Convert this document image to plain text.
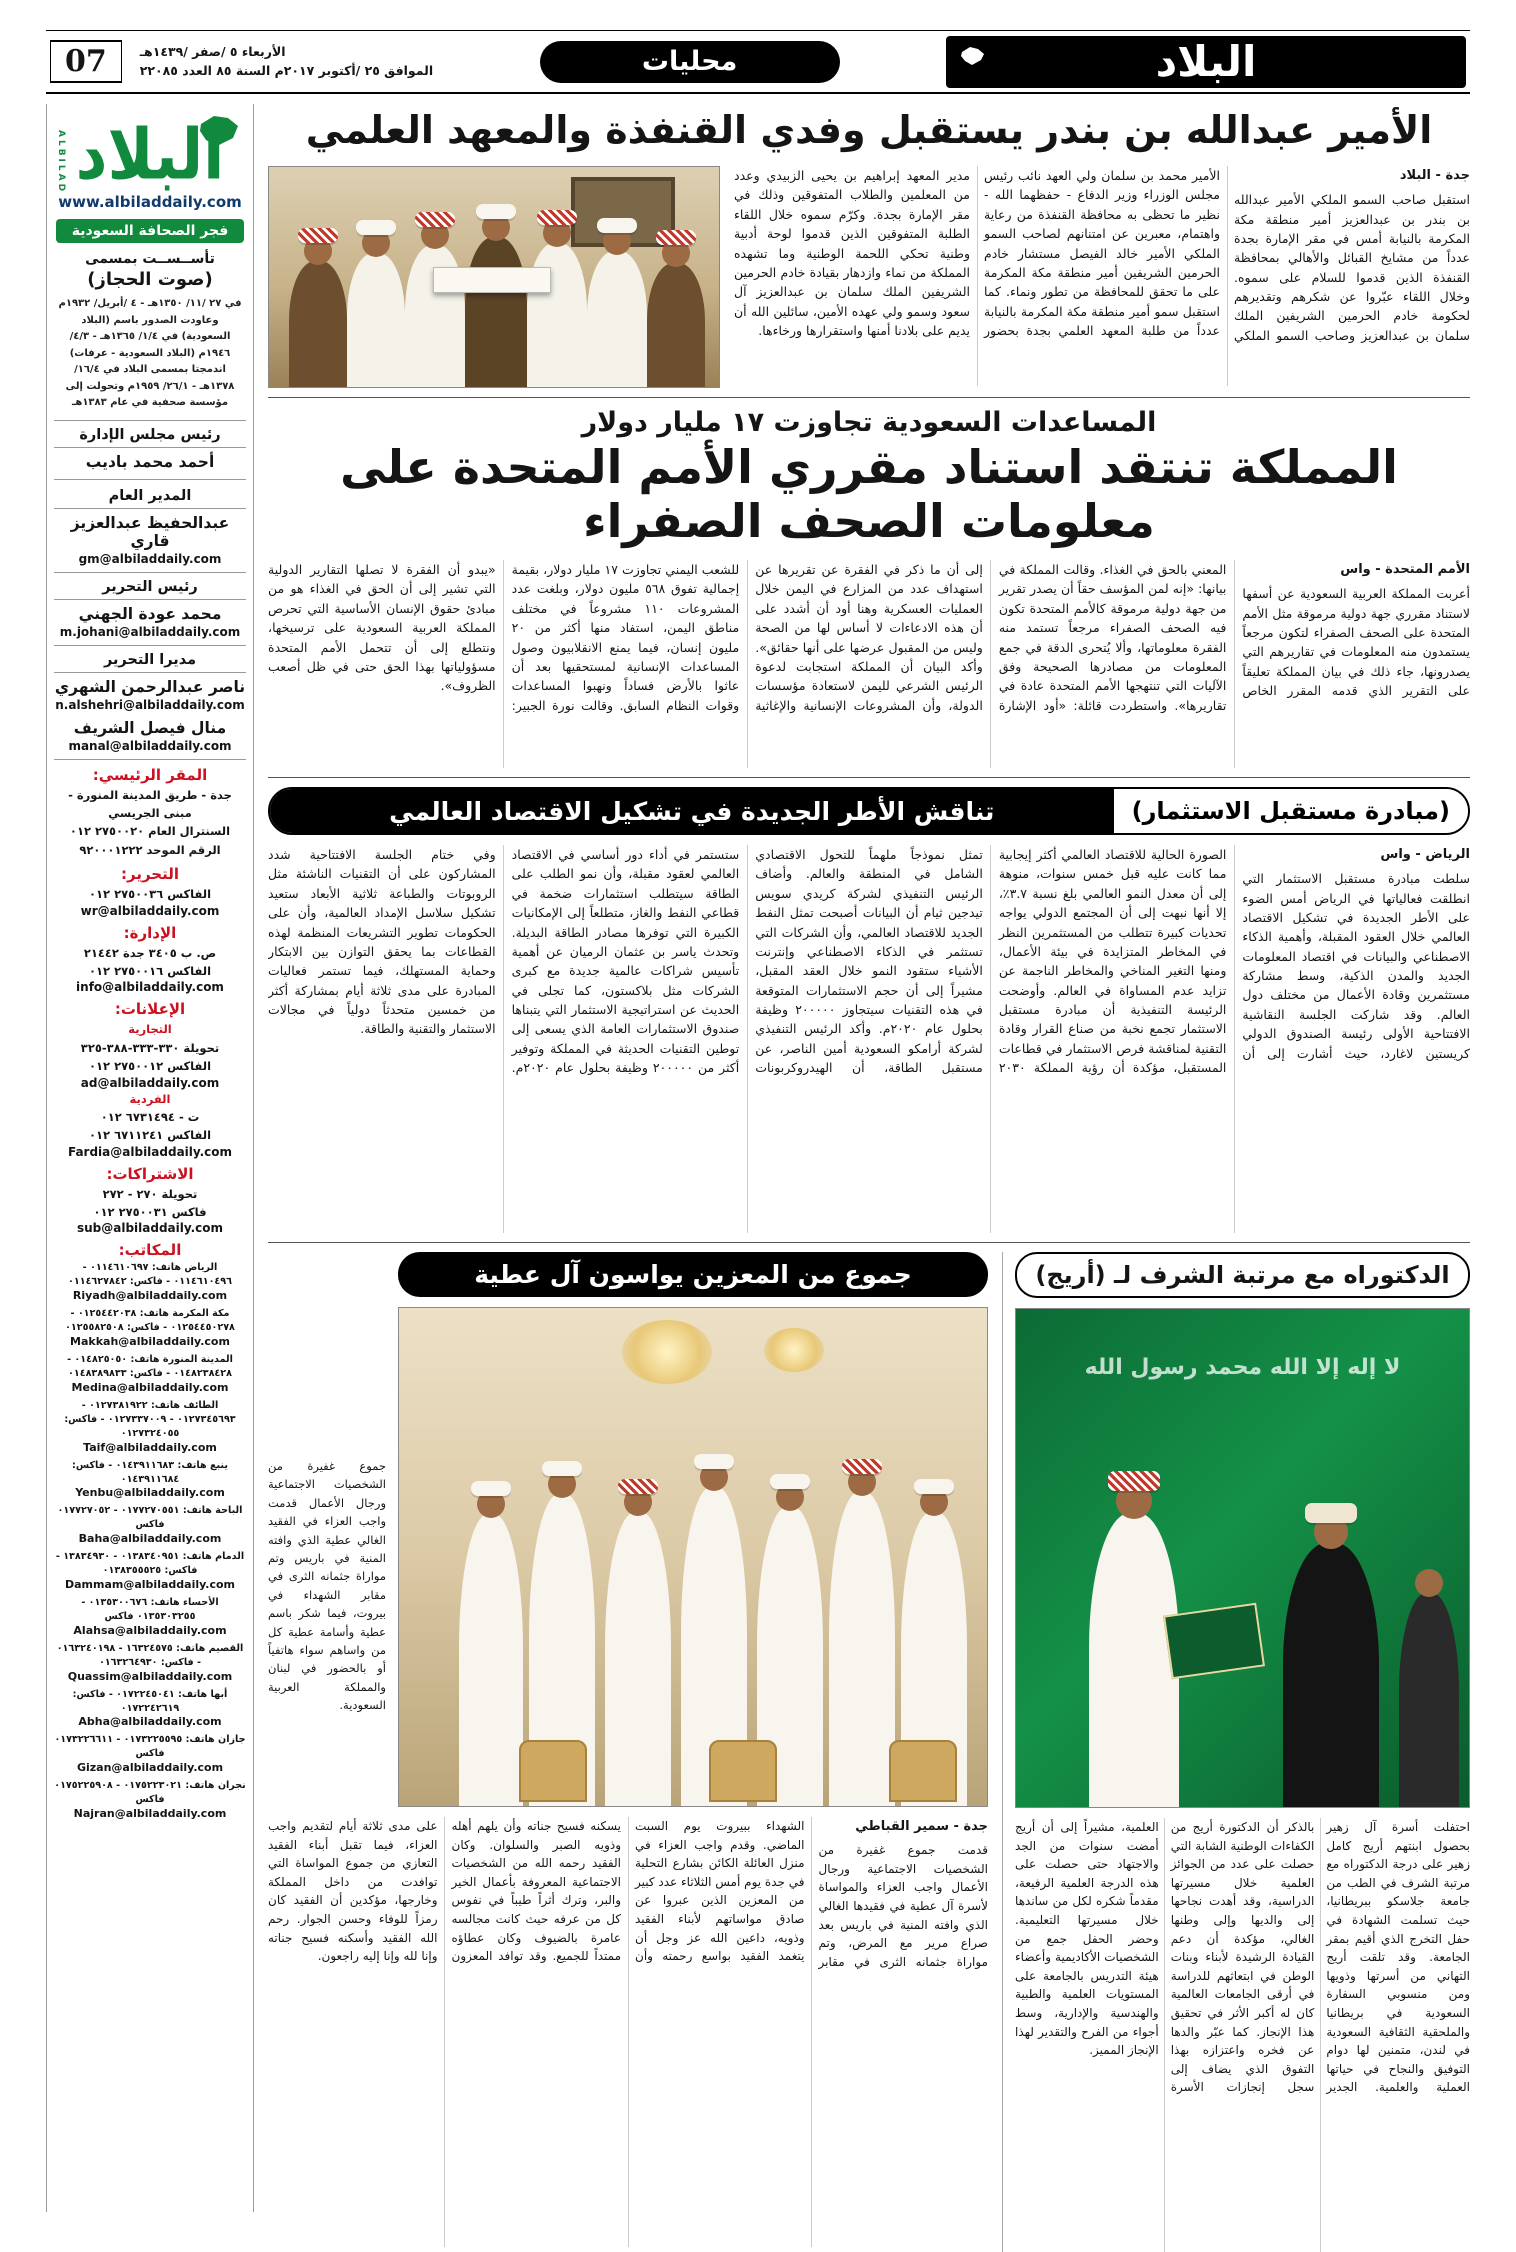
البلاد
محليات
الأربعاء ٥ /صفر /١٤٣٩هـ
الموافق ٢٥ /أكتوبر ٢٠١٧م السنة ٨٥ العدد ٢٢٠٨٥
07
الأمير عبدالله بن بندر يستقبل وفدي القنفذة والمعهد العلمي
جدة - البلاد
استقبل صاحب السمو الملكي الأمير عبدالله بن بندر بن عبدالعزيز أمير منطقة مكة المكرمة بالنيابة أمس في مقر الإمارة بجدة عدداً من مشايخ القبائل والأهالي بمحافظة القنفذة الذين قدموا للسلام على سموه. وخلال اللقاء عبّروا عن شكرهم وتقديرهم لحكومة خادم الحرمين الشريفين الملك سلمان بن عبدالعزيز وصاحب السمو الملكي الأمير محمد بن سلمان ولي العهد نائب رئيس مجلس الوزراء وزير الدفاع - حفظهما الله - نظير ما تحظى به محافظة القنفذة من رعاية واهتمام، معبرين عن امتنانهم لصاحب السمو الملكي الأمير خالد الفيصل مستشار خادم الحرمين الشريفين أمير منطقة مكة المكرمة على ما تحقق للمحافظة من تطور ونماء. كما استقبل سمو أمير منطقة مكة المكرمة بالنيابة عدداً من طلبة المعهد العلمي بجدة بحضور مدير المعهد إبراهيم بن يحيى الزبيدي وعدد من المعلمين والطلاب المتفوقين وذلك في مقر الإمارة بجدة. وكرّم سموه خلال اللقاء الطلبة المتفوقين الذين قدموا لوحة أدبية وطنية تحكي اللحمة الوطنية وما تشهده المملكة من نماء وازدهار بقيادة خادم الحرمين الشريفين الملك سلمان بن عبدالعزيز آل سعود وسمو ولي عهده الأمين، سائلين الله أن يديم على بلادنا أمنها واستقرارها ورخاءها.
المساعدات السعودية تجاوزت ١٧ مليار دولار
المملكة تنتقد استناد مقرري الأمم المتحدة على معلومات الصحف الصفراء
الأمم المتحدة - واس
أعربت المملكة العربية السعودية عن أسفها لاستناد مقرري جهة دولية مرموقة مثل الأمم المتحدة على الصحف الصفراء لتكون مرجعاً يستمدون منه المعلومات في تقاريرهم التي يصدرونها، جاء ذلك في بيان المملكة تعليقاً على التقرير الذي قدمه المقرر الخاص المعني بالحق في الغذاء. وقالت المملكة في بيانها: «إنه لمن المؤسف حقاً أن يصدر تقرير من جهة دولية مرموقة كالأمم المتحدة تكون فيه الصحف الصفراء مرجعاً تستمد منه الفقرة معلوماتها، وألا يُتحرى الدقة في جمع المعلومات من مصادرها الصحيحة وفق الآليات التي تنتهجها الأمم المتحدة عادة في تقاريرها». واستطردت قائلة: «أود الإشارة إلى أن ما ذكر في الفقرة عن تقريرها عن استهداف عدد من المزارع في اليمن خلال العمليات العسكرية وهنا أود أن أشدد على أن هذه الادعاءات لا أساس لها من الصحة وليس من المقبول عرضها على أنها حقائق». وأكد البيان أن المملكة استجابت لدعوة الرئيس الشرعي لليمن لاستعادة مؤسسات الدولة، وأن المشروعات الإنسانية والإغاثية للشعب اليمني تجاوزت ١٧ مليار دولار، بقيمة إجمالية تفوق ٥٦٨ مليون دولار، وبلغت عدد المشروعات ١١٠ مشروعاً في مختلف مناطق اليمن، استفاد منها أكثر من ٢٠ مليون إنسان، فيما يمنع الانقلابيون وصول المساعدات الإنسانية لمستحقيها بعد أن عاثوا بالأرض فساداً ونهبوا المساعدات وقوات النظام السابق. وقالت نورة الجبير: «يبدو أن الفقرة لا تصلها التقارير الدولية التي تشير إلى أن الحق في الغذاء هو من مبادئ حقوق الإنسان الأساسية التي تحرص المملكة العربية السعودية على ترسيخها، ونتطلع إلى أن تتحمل الأمم المتحدة مسؤولياتها بهذا الحق حتى في ظل أصعب الظروف».
(مبادرة مستقبل الاستثمار)
تناقش الأطر الجديدة في تشكيل الاقتصاد العالمي
الرياض - واس
سلطت مبادرة مستقبل الاستثمار التي انطلقت فعالياتها في الرياض أمس الضوء على الأطر الجديدة في تشكيل الاقتصاد العالمي خلال العقود المقبلة، وأهمية الذكاء الاصطناعي والبيانات في اقتصاد المعلومات الجديد والمدن الذكية، وسط مشاركة مستثمرين وقادة الأعمال من مختلف دول العالم. وقد شاركت الجلسة النقاشية الافتتاحية الأولى رئيسة الصندوق الدولي كريستين لاغارد، حيث أشارت إلى أن الصورة الحالية للاقتصاد العالمي أكثر إيجابية مما كانت عليه قبل خمس سنوات، منوهة إلى أن معدل النمو العالمي بلغ نسبة ٣.٧٪، إلا أنها نبهت إلى أن المجتمع الدولي يواجه تحديات كبيرة تتطلب من المستثمرين النظر في المخاطر المتزايدة في بيئة الأعمال، ومنها التغير المناخي والمخاطر الناجمة عن تزايد عدم المساواة في العالم. وأوضحت الرئيسة التنفيذية أن مبادرة مستقبل الاستثمار تجمع نخبة من صناع القرار وقادة التقنية لمناقشة فرص الاستثمار في قطاعات المستقبل، مؤكدة أن رؤية المملكة ٢٠٣٠ تمثل نموذجاً ملهماً للتحول الاقتصادي الشامل في المنطقة والعالم. وأضاف الرئيس التنفيذي لشركة كريدي سويس تيدجين ثيام أن البيانات أصبحت تمثل النفط الجديد للاقتصاد العالمي، وأن الشركات التي تستثمر في الذكاء الاصطناعي وإنترنت الأشياء ستقود النمو خلال العقد المقبل، مشيراً إلى أن حجم الاستثمارات المتوقعة في هذه التقنيات سيتجاوز ٢٠٠٠٠٠ وظيفة بحلول عام ٢٠٢٠م. وأكد الرئيس التنفيذي لشركة أرامكو السعودية أمين الناصر، عن مستقبل الطاقة، أن الهيدروكربونات ستستمر في أداء دور أساسي في الاقتصاد العالمي لعقود مقبلة، وأن نمو الطلب على الطاقة سيتطلب استثمارات ضخمة في قطاعي النفط والغاز، متطلعاً إلى الإمكانيات الكبيرة التي توفرها مصادر الطاقة البديلة. وتحدث ياسر بن عثمان الرميان عن أهمية تأسيس شراكات عالمية جديدة مع كبرى الشركات مثل بلاكستون، كما تجلى في الحديث عن استراتيجية الاستثمار التي يتبناها صندوق الاستثمارات العامة الذي يسعى إلى توطين التقنيات الحديثة في المملكة وتوفير أكثر من ٢٠٠٠٠٠ وظيفة بحلول عام ٢٠٢٠م. وفي ختام الجلسة الافتتاحية شدد المشاركون على أن التقنيات الناشئة مثل الروبوتات والطباعة ثلاثية الأبعاد ستعيد تشكيل سلاسل الإمداد العالمية، وأن على الحكومات تطوير التشريعات المنظمة لهذه القطاعات بما يحقق التوازن بين الابتكار وحماية المستهلك، فيما تستمر فعاليات المبادرة على مدى ثلاثة أيام بمشاركة أكثر من خمسين متحدثاً دولياً في مجالات الاستثمار والتقنية والطاقة.
الدكتوراه مع مرتبة الشرف لـ (أريج)
لا إله إلا الله محمد رسول الله
احتفلت أسرة آل زهير بحصول ابنتهم أريج كامل زهير على درجة الدكتوراه مع مرتبة الشرف في الطب من جامعة جلاسكو ببريطانيا، حيث تسلمت الشهادة في حفل التخرج الذي أقيم بمقر الجامعة. وقد تلقت أريج التهاني من أسرتها وذويها ومن منسوبي السفارة السعودية في بريطانيا والملحقية الثقافية السعودية في لندن، متمنين لها دوام التوفيق والنجاح في حياتها العملية والعلمية. الجدير بالذكر أن الدكتورة أريج من الكفاءات الوطنية الشابة التي حصلت على عدد من الجوائز العلمية خلال مسيرتها الدراسية، وقد أهدت نجاحها إلى والديها وإلى وطنها الغالي، مؤكدة أن دعم القيادة الرشيدة لأبناء وبنات الوطن في ابتعاثهم للدراسة في أرقى الجامعات العالمية كان له أكبر الأثر في تحقيق هذا الإنجاز. كما عبّر والدها عن فخره واعتزازه بهذا التفوق الذي يضاف إلى سجل إنجازات الأسرة العلمية، مشيراً إلى أن أريج أمضت سنوات من الجد والاجتهاد حتى حصلت على هذه الدرجة العلمية الرفيعة، مقدماً شكره لكل من ساندها خلال مسيرتها التعليمية. وحضر الحفل جمع من الشخصيات الأكاديمية وأعضاء هيئة التدريس بالجامعة على المستويات العلمية والطبية والهندسية والإدارية، وسط أجواء من الفرح والتقدير لهذا الإنجاز المميز.
جموع من المعزين يواسون آل عطية
جموع غفيرة من الشخصيات الاجتماعية ورجال الأعمال قدمت واجب العزاء في الفقيد الغالي عطية الذي وافته المنية في باريس وتم مواراة جثمانه الثرى في مقابر الشهداء في بيروت، فيما شكر باسم عطية وأسامة عطية كل من واساهم سواء هاتفياً أو بالحضور في لبنان والمملكة العربية السعودية.
جدة - سمير القباطي
قدمت جموع غفيرة من الشخصيات الاجتماعية ورجال الأعمال واجب العزاء والمواساة لأسرة آل عطية في فقيدها الغالي الذي وافته المنية في باريس بعد صراع مرير مع المرض، وتم مواراة جثمانه الثرى في مقابر الشهداء ببيروت يوم السبت الماضي. وقدم واجب العزاء في منزل العائلة الكائن بشارع التحلية في جدة يوم أمس الثلاثاء عدد كبير من المعزين الذين عبروا عن صادق مواساتهم لأبناء الفقيد وذويه، داعين الله عز وجل أن يتغمد الفقيد بواسع رحمته وأن يسكنه فسيح جناته وأن يلهم أهله وذويه الصبر والسلوان. وكان الفقيد رحمه الله من الشخصيات الاجتماعية المعروفة بأعمال الخير والبر، وترك أثراً طيباً في نفوس كل من عرفه حيث كانت مجالسه عامرة بالضيوف وكان عطاؤه ممتداً للجميع. وقد توافد المعزون على مدى ثلاثة أيام لتقديم واجب العزاء، فيما تقبل أبناء الفقيد التعازي من جموع المواساة التي توافدت من داخل المملكة وخارجها، مؤكدين أن الفقيد كان رمزاً للوفاء وحسن الجوار. رحم الله الفقيد وأسكنه فسيح جناته وإنا لله وإنا إليه راجعون.
ALBILAD البلاد
www.albiladdaily.com
فجر الصحافة السعودية
تأســســت بمسمى
(صوت الحجاز)
في ٢٧ /١١/ ١٣٥٠هـ - ٤ /أبريل/ ١٩٣٢م وعاودت الصدور باسم (البلاد السعودية) في ١/٤/ ١٣٦٥هـ - ٤/٣/ ١٩٤٦م (البلاد السعودية - عرفات) اندمجتا بمسمى البلاد في ١٦/٤/ ١٣٧٨هـ - ٢٦/١/ ١٩٥٩م وتحولت إلى مؤسسة صحفية في عام ١٣٨٣هـ
رئيس مجلس الإدارة
أحمد محمد باديب
المدير العام
عبدالحفيظ عبدالعزيز قاري
gm@albiladdaily.com
رئيس التحرير
محمد عودة الجهني
m.johani@albiladdaily.com
مديرا التحرير
ناصر عبدالرحمن الشهري
n.alshehri@albiladdaily.com
منال فيصل الشريف
manal@albiladdaily.com
المقر الرئيسي:
جدة - طريق المدينة المنورة - مبنى الجريسي
السنترال العام ٢٧٥٠٠٢٠ ٠١٢
الرقم الموحد ٩٢٠٠٠١٢٢٢
التحرير:
الفاكس ٢٧٥٠٠٣٦ ٠١٢
wr@albiladdaily.com
الإدارة:
ص. ب ٣٤٠٥ جدة ٢١٤٤٢
الفاكس ٢٧٥٠٠١٦ ٠١٢
info@albiladdaily.com
الإعلانات:
التجارية
تحويلة ٣٣٠-٣٣٣-٣٨٨-٣٢٥
الفاكس ٢٧٥٠٠١٢ ٠١٢
ad@albiladdaily.com
الفردية
ت - ٦٧٣١٤٩٤ ٠١٢
الفاكس ٦٧١١٢٤١ ٠١٢
Fardia@albiladdaily.com
الاشتراكات:
تحويلة ٢٧٠ - ٢٧٢
فاكس ٢٧٥٠٠٣١ ٠١٢
sub@albiladdaily.com
المكاتب:
الرياض هاتف: ٠١١٤٦١٠٦٩٧ - ٠١١٤٦١٠٤٩٦ - فاكس: ٠١١٤٦٢٧٨٤٢
Riyadh@albiladdaily.com
مكة المكرمة هاتف: ٠١٢٥٤٤٢٠٣٨ - ٠١٢٥٤٤٥٠٢٧٨ - فاكس: ٠١٢٥٥٨٢٥٠٨
Makkah@albiladdaily.com
المدينة المنورة هاتف: ٠١٤٨٢٥٠٥٠ - ٠١٤٨٢٣٨٤٢٨ - فاكس: ٠١٤٨٣٨٩٨٣٣
Medina@albiladdaily.com
الطائف هاتف: ٠١٢٧٣٨١٩٢٢ - ٠١٢٧٣٤٥٦٩٣ - ٠١٢٧٣٣٧٠٠٩ - فاكس: ٠١٢٧٣٢٤٠٥٥
Taif@albiladdaily.com
ينبع هاتف: ٠١٤٣٩١١٦٨٣ - فاكس: ٠١٤٣٩١١٦٨٤
Yenbu@albiladdaily.com
الباحة هاتف: ٠١٧٧٢٧٠٥٥١ - ٠١٧٧٢٧٠٥٢ فاكس
Baha@albiladdaily.com
الدمام هاتف: ٠١٣٨٣٤٠٩٥١ - ١٣٨٣٤٩٣٠ - فاكس: ٠١٣٨٣٥٥٥٢٥
Dammam@albiladdaily.com
الأحساء هاتف: ٠١٣٥٣٠٠٦٧٦ - ٠١٣٥٣٠٣٢٥٥ فاكس
Alahsa@albiladdaily.com
القصيم هاتف: ١٦٣٢٤٥٧٥ - ٠١٦٣٢٤٠١٩٨ - فاكس: ٠١٦٣٢٦٤٩٣٠
Quassim@albiladdaily.com
أبها هاتف: ٠١٧٢٢٤٥٠٤١ - فاكس: ٠١٧٢٢٤٢٦١٩
Abha@albiladdaily.com
جازان هاتف: ٠١٧٣٢٢٥٥٩٥ - ٠١٧٣٢٢٦٦١١ فاكس
Gizan@albiladdaily.com
نجران هاتف: ٠١٧٥٢٢٣٠٢١ - ٠١٧٥٢٢٥٩٠٨ فاكس
Najran@albiladdaily.com
